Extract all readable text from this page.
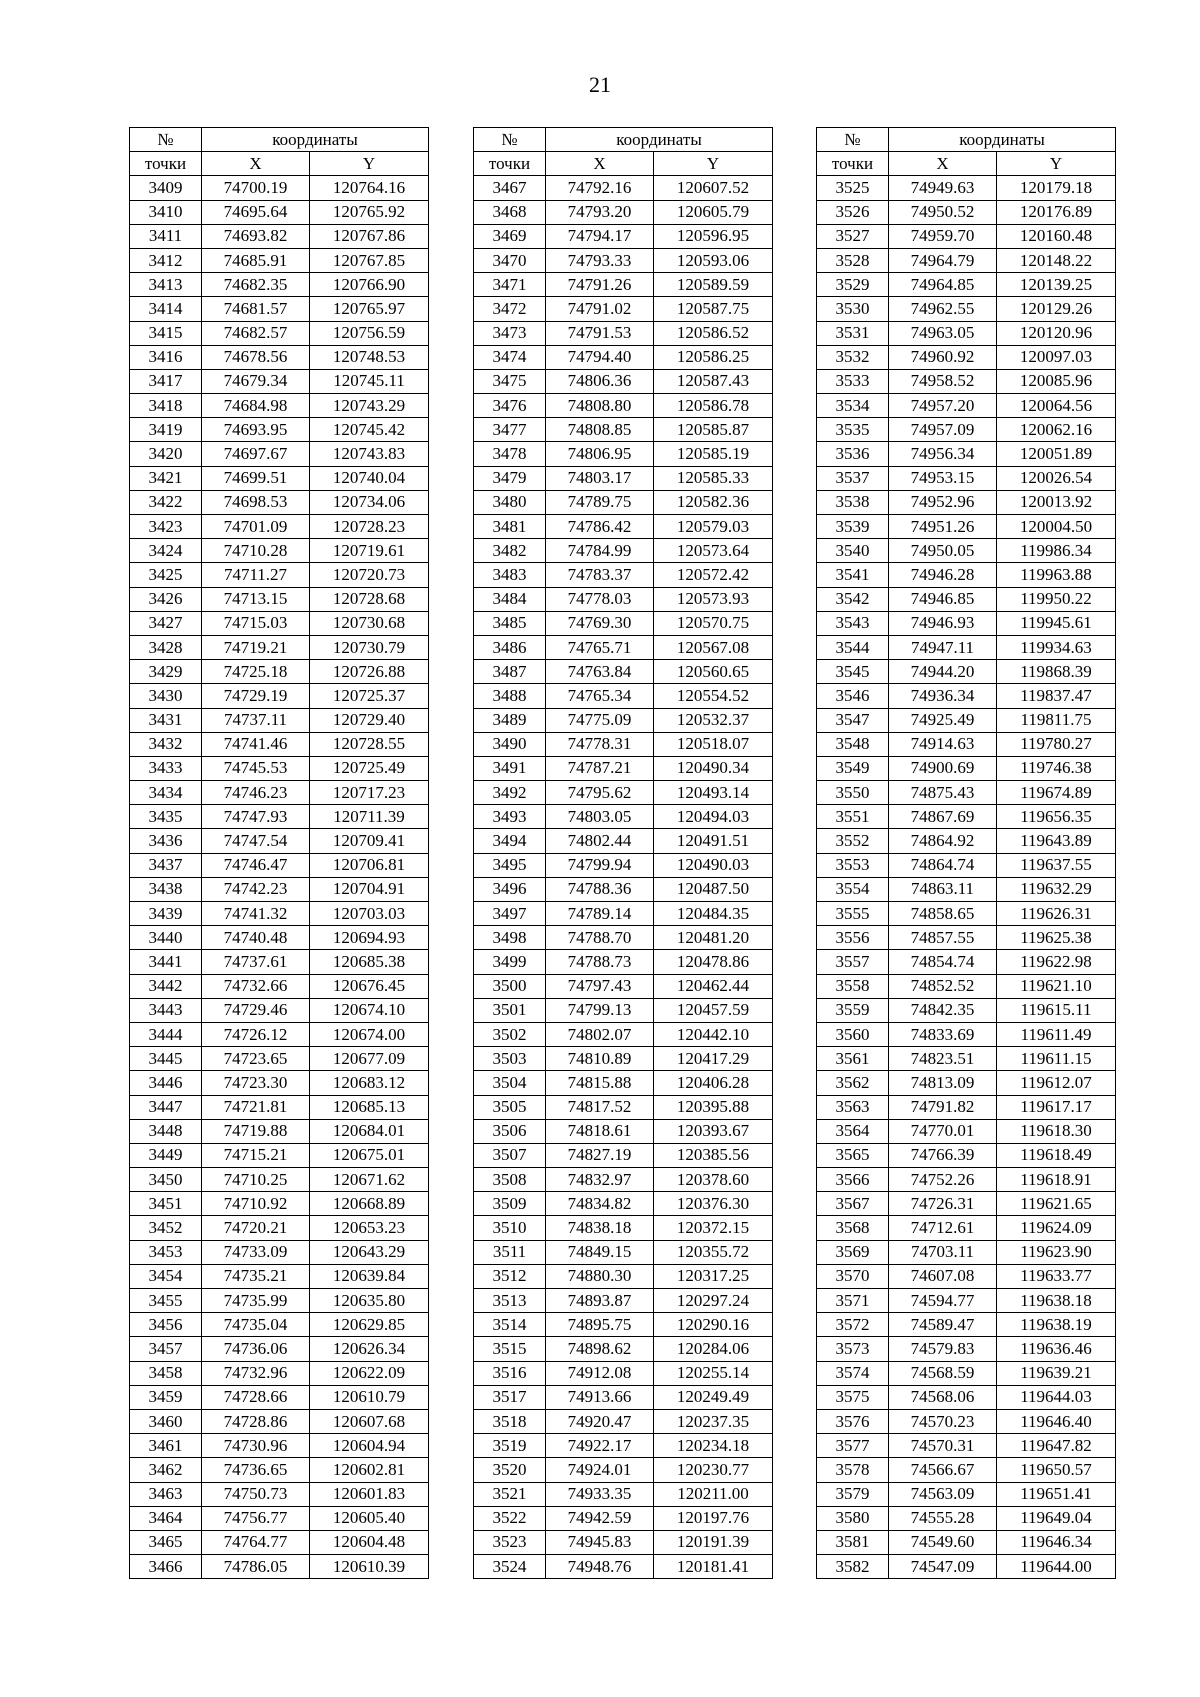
21
№	координаты	
точки	X	Y
3409	74700.19	120764.16
3410	74695.64	120765.92
3411	74693.82	120767.86
3412	74685.91	120767.85
3413	74682.35	120766.90
3414	74681.57	120765.97
3415	74682.57	120756.59
3416	74678.56	120748.53
3417	74679.34	120745.11
3418	74684.98	120743.29
3419	74693.95	120745.42
3420	74697.67	120743.83
3421	74699.51	120740.04
3422	74698.53	120734.06
3423	74701.09	120728.23
3424	74710.28	120719.61
3425	74711.27	120720.73
3426	74713.15	120728.68
3427	74715.03	120730.68
3428	74719.21	120730.79
3429	74725.18	120726.88
3430	74729.19	120725.37
3431	74737.11	120729.40
3432	74741.46	120728.55
3433	74745.53	120725.49
3434	74746.23	120717.23
3435	74747.93	120711.39
3436	74747.54	120709.41
3437	74746.47	120706.81
3438	74742.23	120704.91
3439	74741.32	120703.03
3440	74740.48	120694.93
3441	74737.61	120685.38
3442	74732.66	120676.45
3443	74729.46	120674.10
3444	74726.12	120674.00
3445	74723.65	120677.09
3446	74723.30	120683.12
3447	74721.81	120685.13
3448	74719.88	120684.01
3449	74715.21	120675.01
3450	74710.25	120671.62
3451	74710.92	120668.89
3452	74720.21	120653.23
3453	74733.09	120643.29
3454	74735.21	120639.84
3455	74735.99	120635.80
3456	74735.04	120629.85
3457	74736.06	120626.34
3458	74732.96	120622.09
3459	74728.66	120610.79
3460	74728.86	120607.68
3461	74730.96	120604.94
3462	74736.65	120602.81
3463	74750.73	120601.83
3464	74756.77	120605.40
3465	74764.77	120604.48
3466	74786.05	120610.39
№	координаты	
точки	X	Y
3467	74792.16	120607.52
3468	74793.20	120605.79
3469	74794.17	120596.95
3470	74793.33	120593.06
3471	74791.26	120589.59
3472	74791.02	120587.75
3473	74791.53	120586.52
3474	74794.40	120586.25
3475	74806.36	120587.43
3476	74808.80	120586.78
3477	74808.85	120585.87
3478	74806.95	120585.19
3479	74803.17	120585.33
3480	74789.75	120582.36
3481	74786.42	120579.03
3482	74784.99	120573.64
3483	74783.37	120572.42
3484	74778.03	120573.93
3485	74769.30	120570.75
3486	74765.71	120567.08
3487	74763.84	120560.65
3488	74765.34	120554.52
3489	74775.09	120532.37
3490	74778.31	120518.07
3491	74787.21	120490.34
3492	74795.62	120493.14
3493	74803.05	120494.03
3494	74802.44	120491.51
3495	74799.94	120490.03
3496	74788.36	120487.50
3497	74789.14	120484.35
3498	74788.70	120481.20
3499	74788.73	120478.86
3500	74797.43	120462.44
3501	74799.13	120457.59
3502	74802.07	120442.10
3503	74810.89	120417.29
3504	74815.88	120406.28
3505	74817.52	120395.88
3506	74818.61	120393.67
3507	74827.19	120385.56
3508	74832.97	120378.60
3509	74834.82	120376.30
3510	74838.18	120372.15
3511	74849.15	120355.72
3512	74880.30	120317.25
3513	74893.87	120297.24
3514	74895.75	120290.16
3515	74898.62	120284.06
3516	74912.08	120255.14
3517	74913.66	120249.49
3518	74920.47	120237.35
3519	74922.17	120234.18
3520	74924.01	120230.77
3521	74933.35	120211.00
3522	74942.59	120197.76
3523	74945.83	120191.39
3524	74948.76	120181.41
№	координаты	
точки	X	Y
3525	74949.63	120179.18
3526	74950.52	120176.89
3527	74959.70	120160.48
3528	74964.79	120148.22
3529	74964.85	120139.25
3530	74962.55	120129.26
3531	74963.05	120120.96
3532	74960.92	120097.03
3533	74958.52	120085.96
3534	74957.20	120064.56
3535	74957.09	120062.16
3536	74956.34	120051.89
3537	74953.15	120026.54
3538	74952.96	120013.92
3539	74951.26	120004.50
3540	74950.05	119986.34
3541	74946.28	119963.88
3542	74946.85	119950.22
3543	74946.93	119945.61
3544	74947.11	119934.63
3545	74944.20	119868.39
3546	74936.34	119837.47
3547	74925.49	119811.75
3548	74914.63	119780.27
3549	74900.69	119746.38
3550	74875.43	119674.89
3551	74867.69	119656.35
3552	74864.92	119643.89
3553	74864.74	119637.55
3554	74863.11	119632.29
3555	74858.65	119626.31
3556	74857.55	119625.38
3557	74854.74	119622.98
3558	74852.52	119621.10
3559	74842.35	119615.11
3560	74833.69	119611.49
3561	74823.51	119611.15
3562	74813.09	119612.07
3563	74791.82	119617.17
3564	74770.01	119618.30
3565	74766.39	119618.49
3566	74752.26	119618.91
3567	74726.31	119621.65
3568	74712.61	119624.09
3569	74703.11	119623.90
3570	74607.08	119633.77
3571	74594.77	119638.18
3572	74589.47	119638.19
3573	74579.83	119636.46
3574	74568.59	119639.21
3575	74568.06	119644.03
3576	74570.23	119646.40
3577	74570.31	119647.82
3578	74566.67	119650.57
3579	74563.09	119651.41
3580	74555.28	119649.04
3581	74549.60	119646.34
3582	74547.09	119644.00
